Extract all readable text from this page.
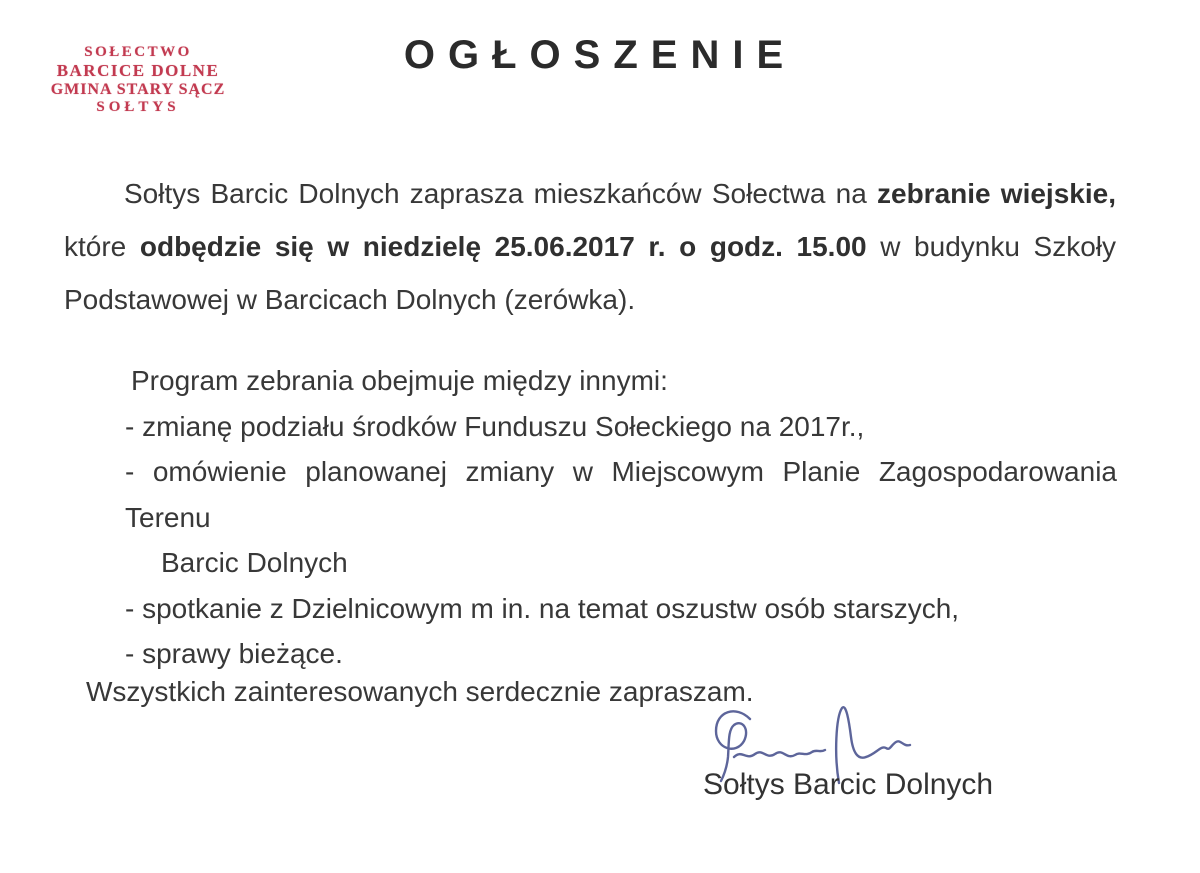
SOŁECTWO
BARCICE DOLNE
GMINA STARY SĄCZ
SOŁTYS
OGŁOSZENIE
Sołtys Barcic Dolnych zaprasza mieszkańców Sołectwa na zebranie wiejskie,
które odbędzie się w niedzielę 25.06.2017 r. o godz. 15.00 w budynku Szkoły
Podstawowej w Barcicach Dolnych (zerówka).
Program zebrania obejmuje między innymi:
- zmianę podziału środków Funduszu Sołeckiego na 2017r.,
- omówienie planowanej zmiany w Miejscowym Planie Zagospodarowania Terenu
Barcic Dolnych
- spotkanie z Dzielnicowym m in. na temat oszustw osób starszych,
- sprawy bieżące.
Wszystkich zainteresowanych serdecznie zapraszam.
Sołtys Barcic Dolnych
